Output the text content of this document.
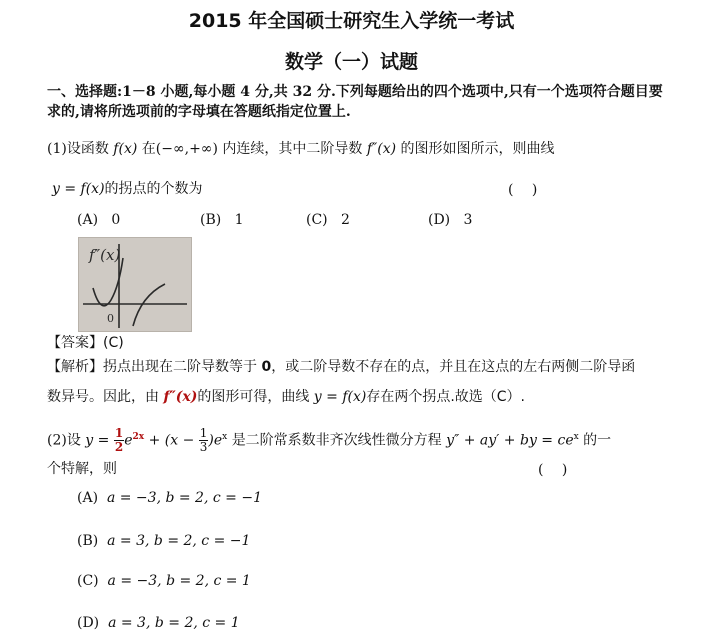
2015 年全国硕士研究生入学统一考试
数学（一）试题
一、选择题:1－8 小题,每小题 4 分,共 32 分.下列每题给出的四个选项中,只有一个选项符合题目要
求的,请将所选项前的字母填在答题纸指定位置上.
(1)设函数 f(x) 在(−∞,+∞) 内连续，其中二阶导数 f″(x) 的图形如图所示，则曲线
y = f(x)的拐点的个数为	(　 )
(A) 0	(B) 1	(C) 2	(D) 3
f″(x)
0
【答案】(C)
【解析】拐点出现在二阶导数等于 0，或二阶导数不存在的点，并且在这点的左右两侧二阶导函
数异号。因此，由 f″(x)的图形可得，曲线 y = f(x)存在两个拐点.故选（C）.
(2)设 $y = \frac{1}{2} e^{2x} + (x - \frac{1}{3} )e^x$ 是二阶常系数非齐次线性微分方程 y″ + ay′ + by = $ce^x$ 的一
个特解，则	(　 )
(A) a = −3, b = 2, c = −1
(B) a = 3, b = 2, c = −1
(C) a = −3, b = 2, c = 1
(D) a = 3, b = 2, c = 1
